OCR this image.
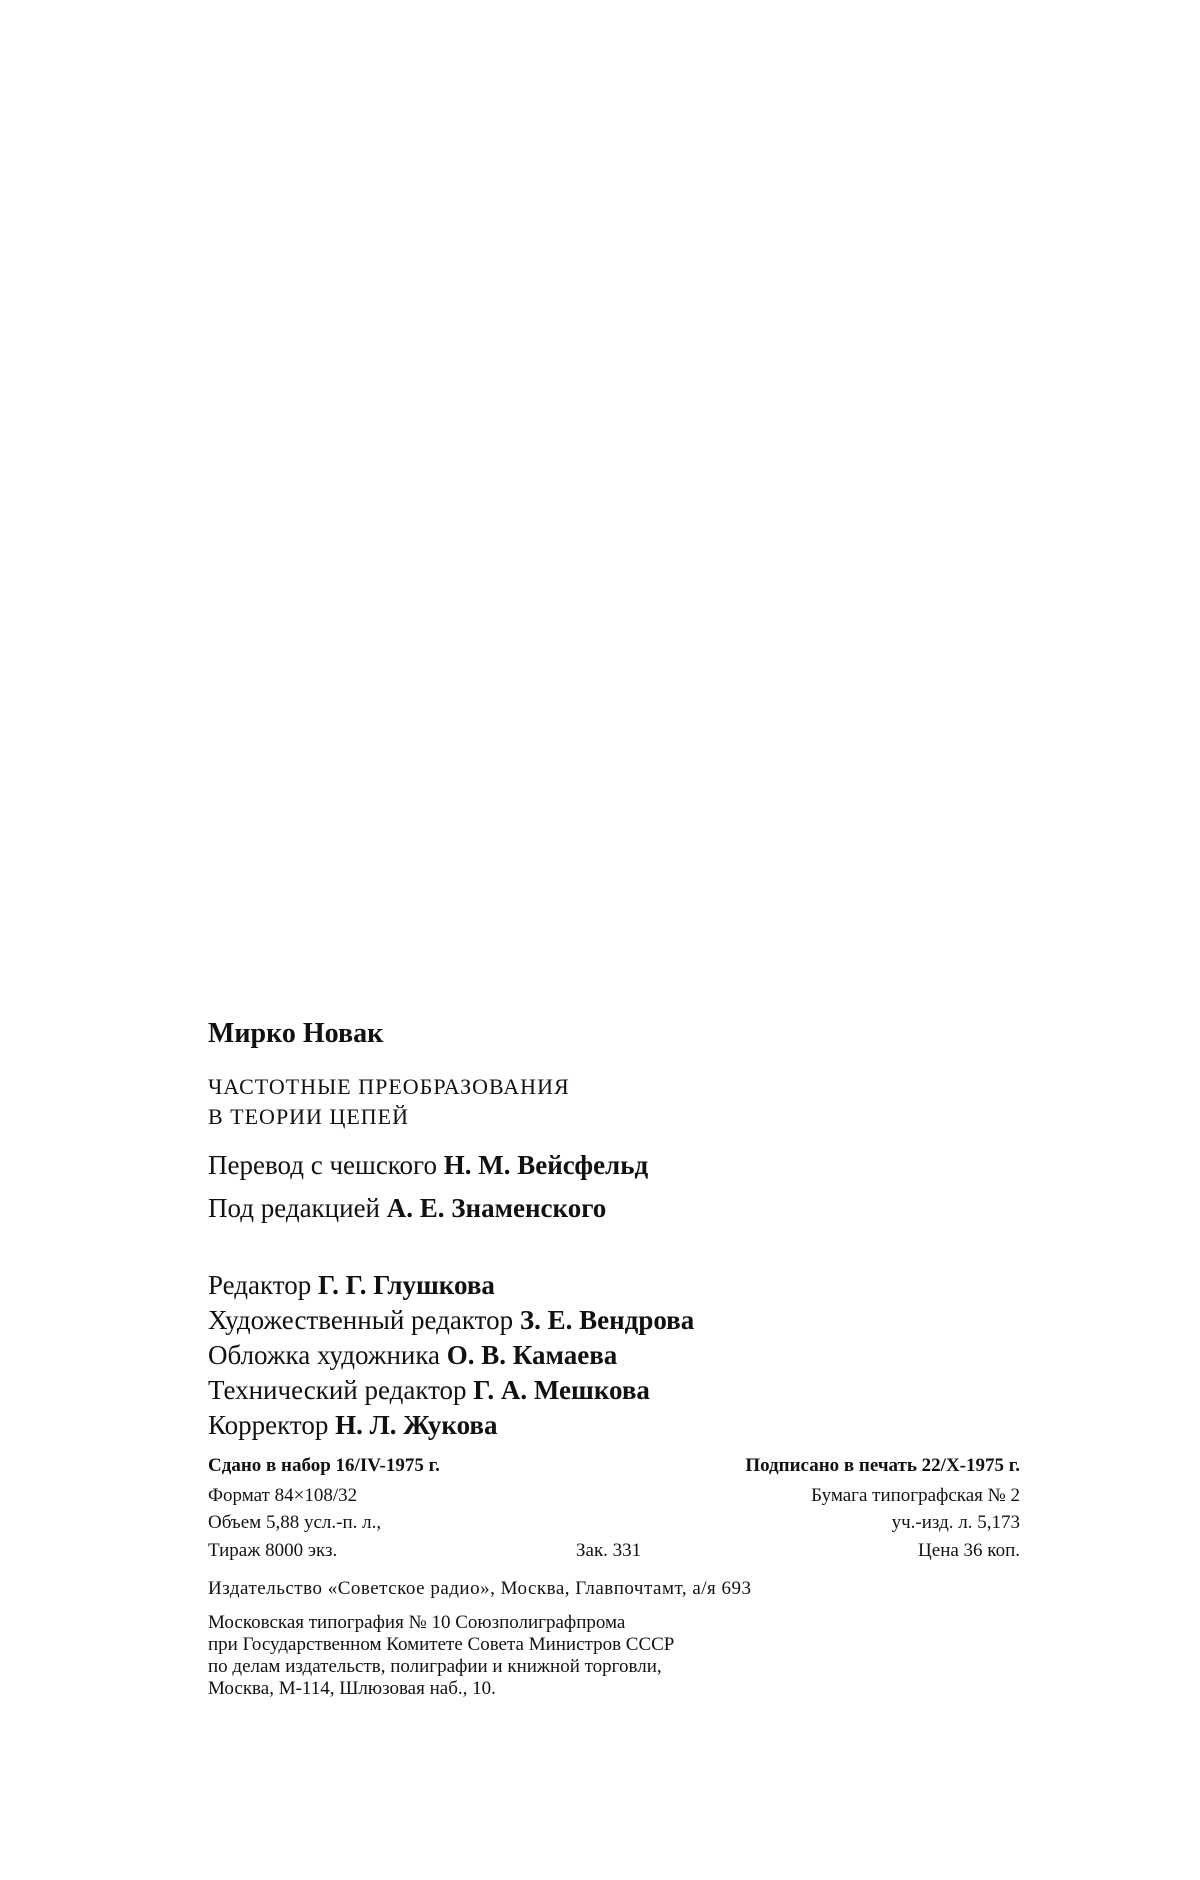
Мирко Новак
ЧАСТОТНЫЕ ПРЕОБРАЗОВАНИЯ
В ТЕОРИИ ЦЕПЕЙ
Перевод с чешского Н. М. Вейсфельд
Под редакцией А. Е. Знаменского
Редактор Г. Г. Глушкова
Художественный редактор З. Е. Вендрова
Обложка художника О. В. Камаева
Технический редактор Г. А. Мешкова
Корректор Н. Л. Жукова
Сдано в набор 16/IV-1975 г.	Подписано в печать 22/X-1975 г.
Формат 84×108/32	Бумага типографская № 2
Объем 5,88 усл.-п. л.,	уч.-изд. л. 5,173
Тираж 8000 экз.	Зак. 331	Цена 36 коп.
Издательство «Советское радио», Москва, Главпочтамт, а/я 693
Московская типография № 10 Союзполиграфпрома
при Государственном Комитете Совета Министров СССР
по делам издательств, полиграфии и книжной торговли,
Москва, М-114, Шлюзовая наб., 10.
